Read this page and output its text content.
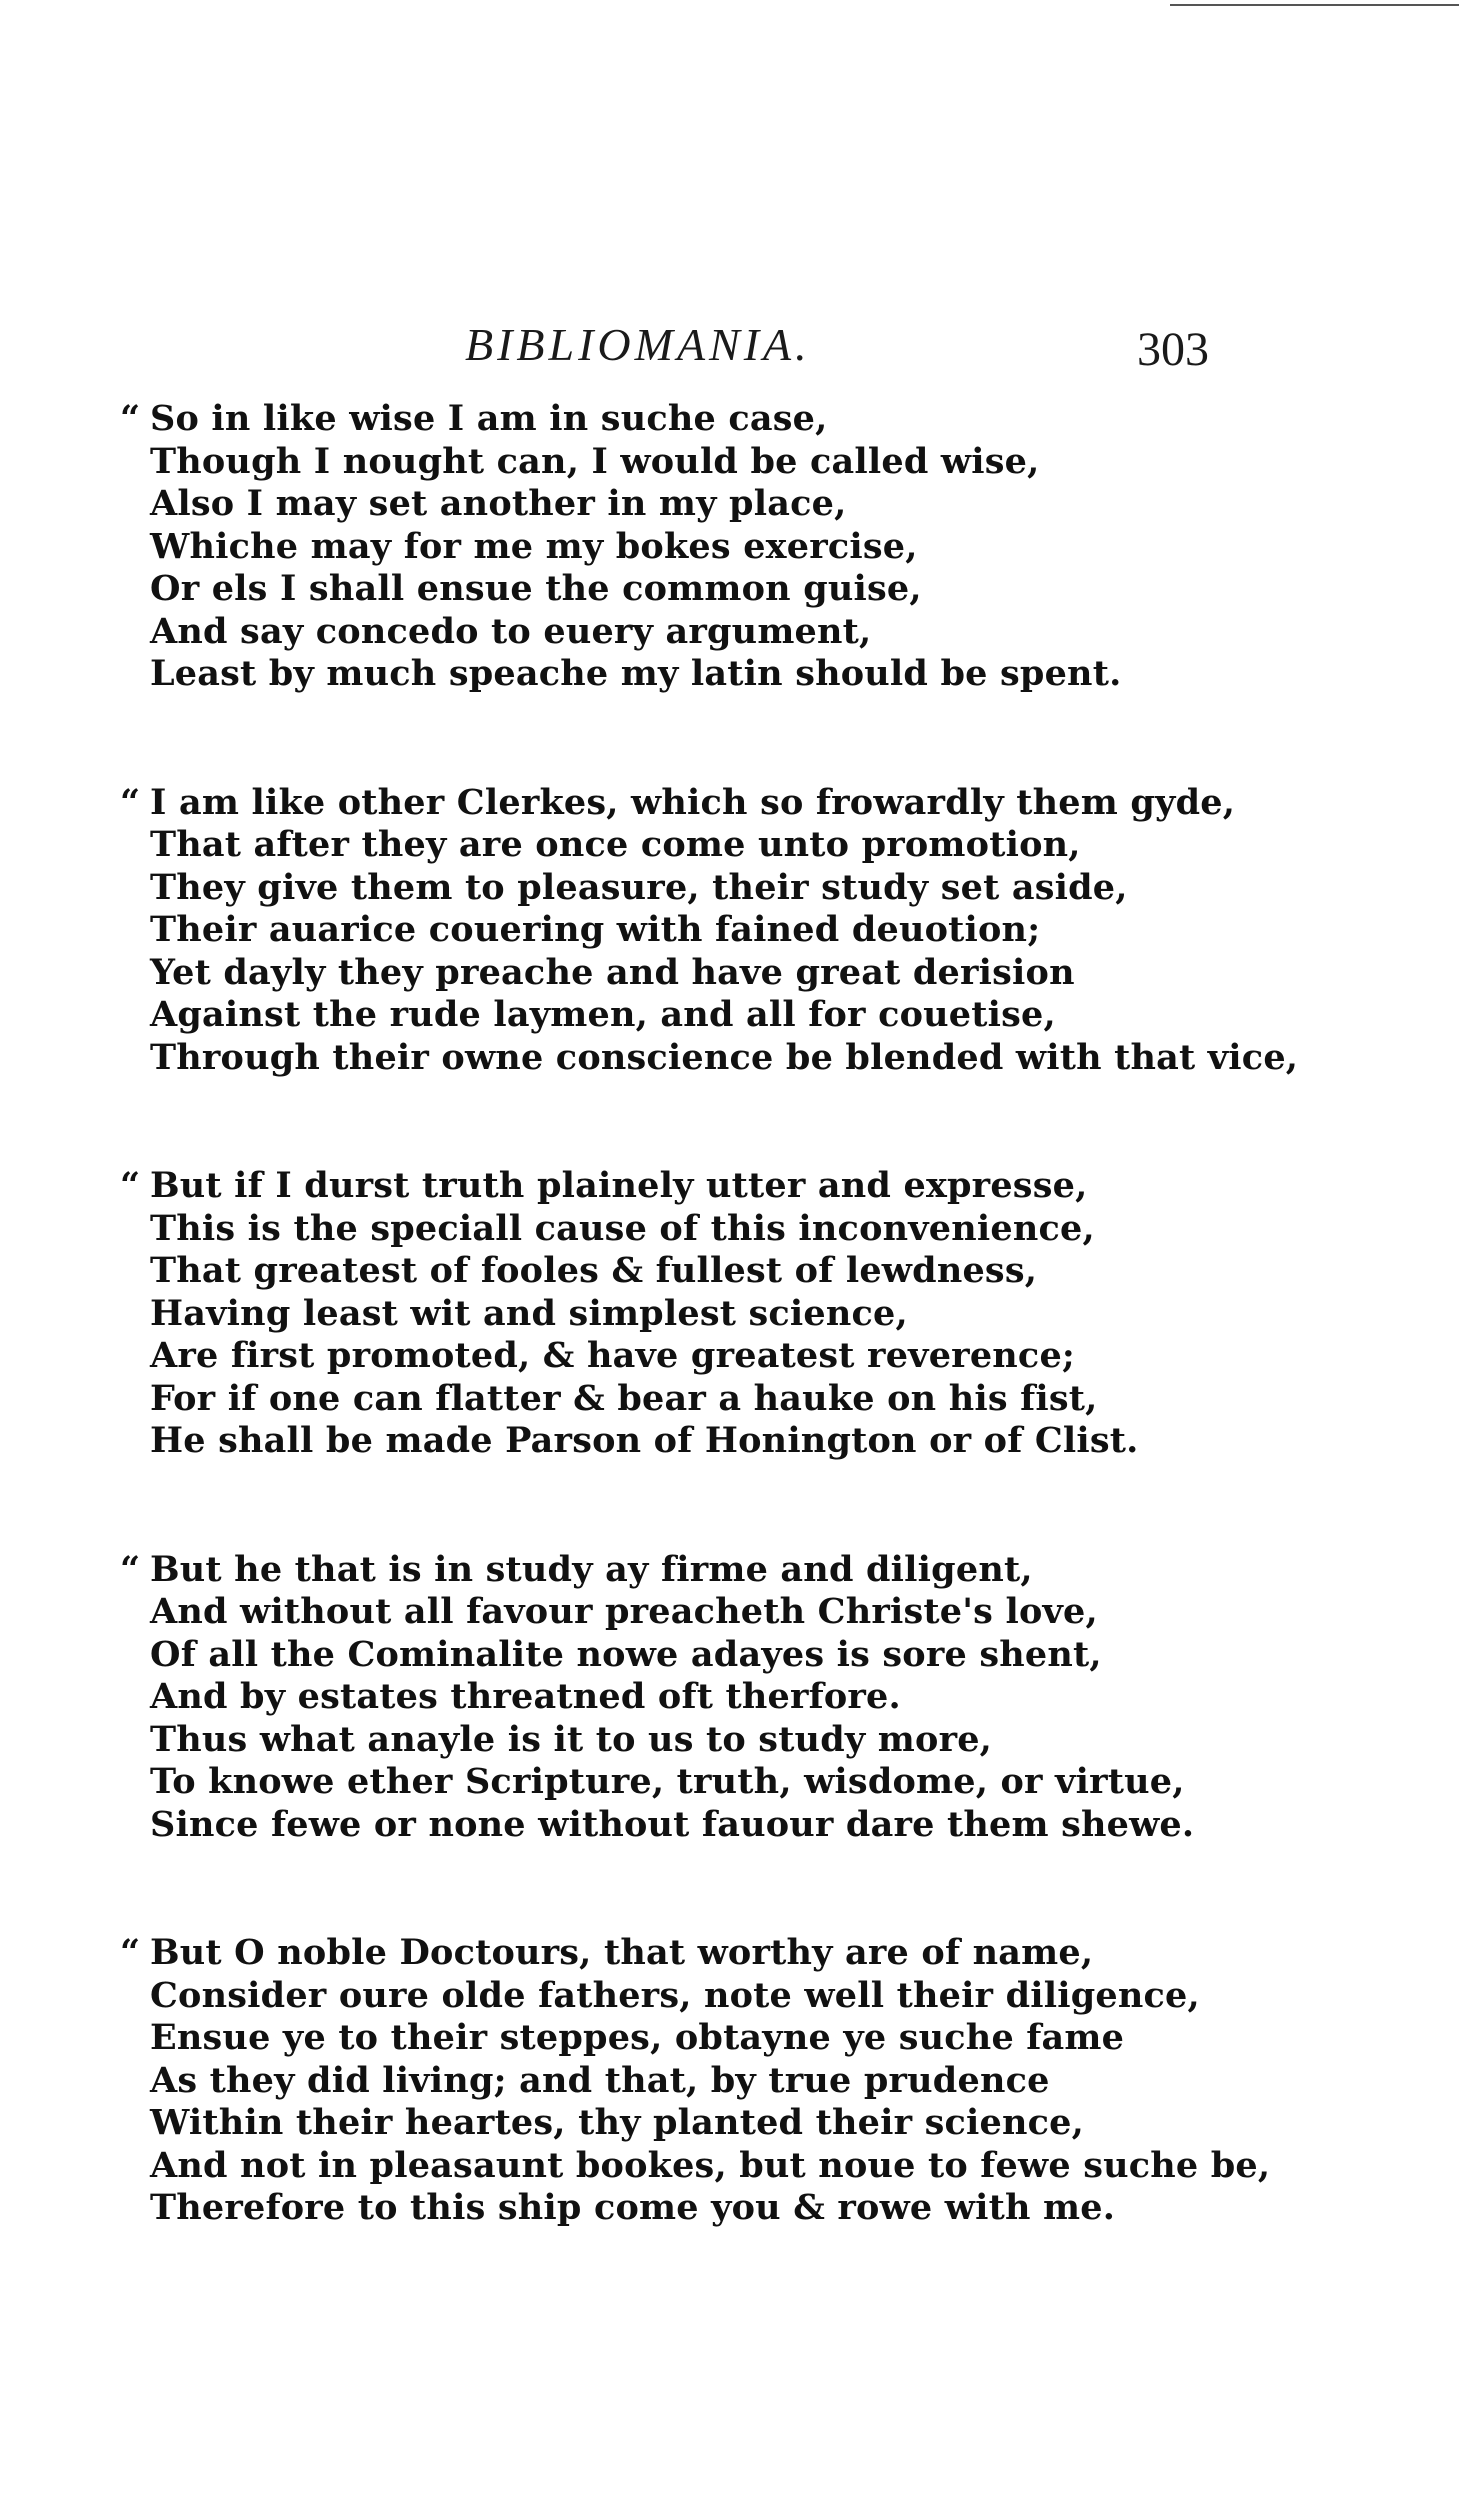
BIBLIOMANIA.	303
“ So in like wise I am in suche case,
Though I nought can, I would be called wise,
Also I may set another in my place,
Whiche may for me my bokes exercise,
Or els I shall ensue the common guise,
And say concedo to euery argument,
Least by much speache my latin should be spent.
“ I am like other Clerkes, which so frowardly them gyde,
That after they are once come unto promotion,
They give them to pleasure, their study set aside,
Their auarice couering with fained deuotion;
Yet dayly they preache and have great derision
Against the rude laymen, and all for couetise,
Through their owne conscience be blended with that vice,
“ But if I durst truth plainely utter and expresse,
This is the speciall cause of this inconvenience,
That greatest of fooles & fullest of lewdness,
Having least wit and simplest science,
Are first promoted, & have greatest reverence;
For if one can flatter & bear a hauke on his fist,
He shall be made Parson of Honington or of Clist.
“ But he that is in study ay firme and diligent,
And without all favour preacheth Christe's love,
Of all the Cominalite nowe adayes is sore shent,
And by estates threatned oft therfore.
Thus what anayle is it to us to study more,
To knowe ether Scripture, truth, wisdome, or virtue,
Since fewe or none without fauour dare them shewe.
“ But O noble Doctours, that worthy are of name,
Consider oure olde fathers, note well their diligence,
Ensue ye to their steppes, obtayne ye suche fame
As they did living; and that, by true prudence
Within their heartes, thy planted their science,
And not in pleasaunt bookes, but noue to fewe suche be,
Therefore to this ship come you & rowe with me.
